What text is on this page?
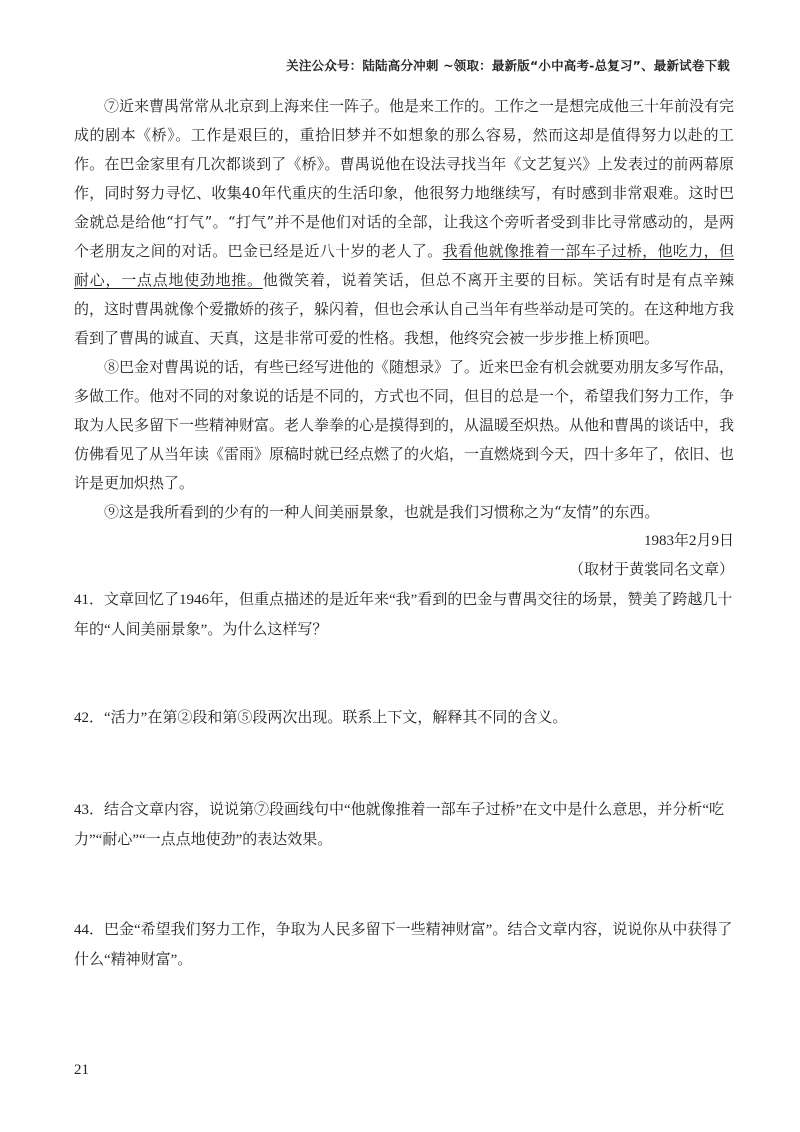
关注公众号：陆陆高分冲刺 ~领取：最新版“小中高考-总复习”、最新试卷下载

⑦近来曹禺常常从北京到上海来住一阵子。他是来工作的。工作之一是想完成他三十年前没有完成的剧本《桥》。工作是艰巨的，重拾旧梦并不如想象的那么容易，然而这却是值得努力以赴的工作。在巴金家里有几次都谈到了《桥》。曹禺说他在设法寻找当年《文艺复兴》上发表过的前两幕原作，同时努力寻忆、收集40年代重庆的生活印象，他很努力地继续写，有时感到非常艰难。这时巴金就总是给他“打气”。“打气”并不是他们对话的全部，让我这个旁听者受到非比寻常感动的，是两个老朋友之间的对话。巴金已经是近八十岁的老人了。我看他就像推着一部车子过桥，他吃力，但耐心，一点点地使劲地推。他微笑着，说着笑话，但总不离开主要的目标。笑话有时是有点辛辣的，这时曹禺就像个爱撒娇的孩子，躲闪着，但也会承认自己当年有些举动是可笑的。在这种地方我看到了曹禺的诚直、天真，这是非常可爱的性格。我想，他终究会被一步步推上桥顶吧。

⑧巴金对曹禺说的话，有些已经写进他的《随想录》了。近来巴金有机会就要劝朋友多写作品，多做工作。他对不同的对象说的话是不同的，方式也不同，但目的总是一个，希望我们努力工作，争取为人民多留下一些精神财富。老人拳拳的心是摸得到的，从温暖至炽热。从他和曹禺的谈话中，我仿佛看见了从当年读《雷雨》原稿时就已经点燃了的火焰，一直燃烧到今天，四十多年了，依旧、也许是更加炽热了。

⑨这是我所看到的少有的一种人间美丽景象，也就是我们习惯称之为“友情”的东西。

1983年2月9日

（取材于黄裳同名文章）

41．文章回忆了1946年，但重点描述的是近年来“我”看到的巴金与曹禺交往的场景，赞美了跨越几十年的“人间美丽景象”。为什么这样写？

42．“活力”在第②段和第⑤段两次出现。联系上下文，解释其不同的含义。

43．结合文章内容，说说第⑦段画线句中“他就像推着一部车子过桥”在文中是什么意思，并分析“吃力”“耐心”“一点点地使劲”的表达效果。

44．巴金“希望我们努力工作，争取为人民多留下一些精神财富”。结合文章内容，说说你从中获得了什么“精神财富”。

21
